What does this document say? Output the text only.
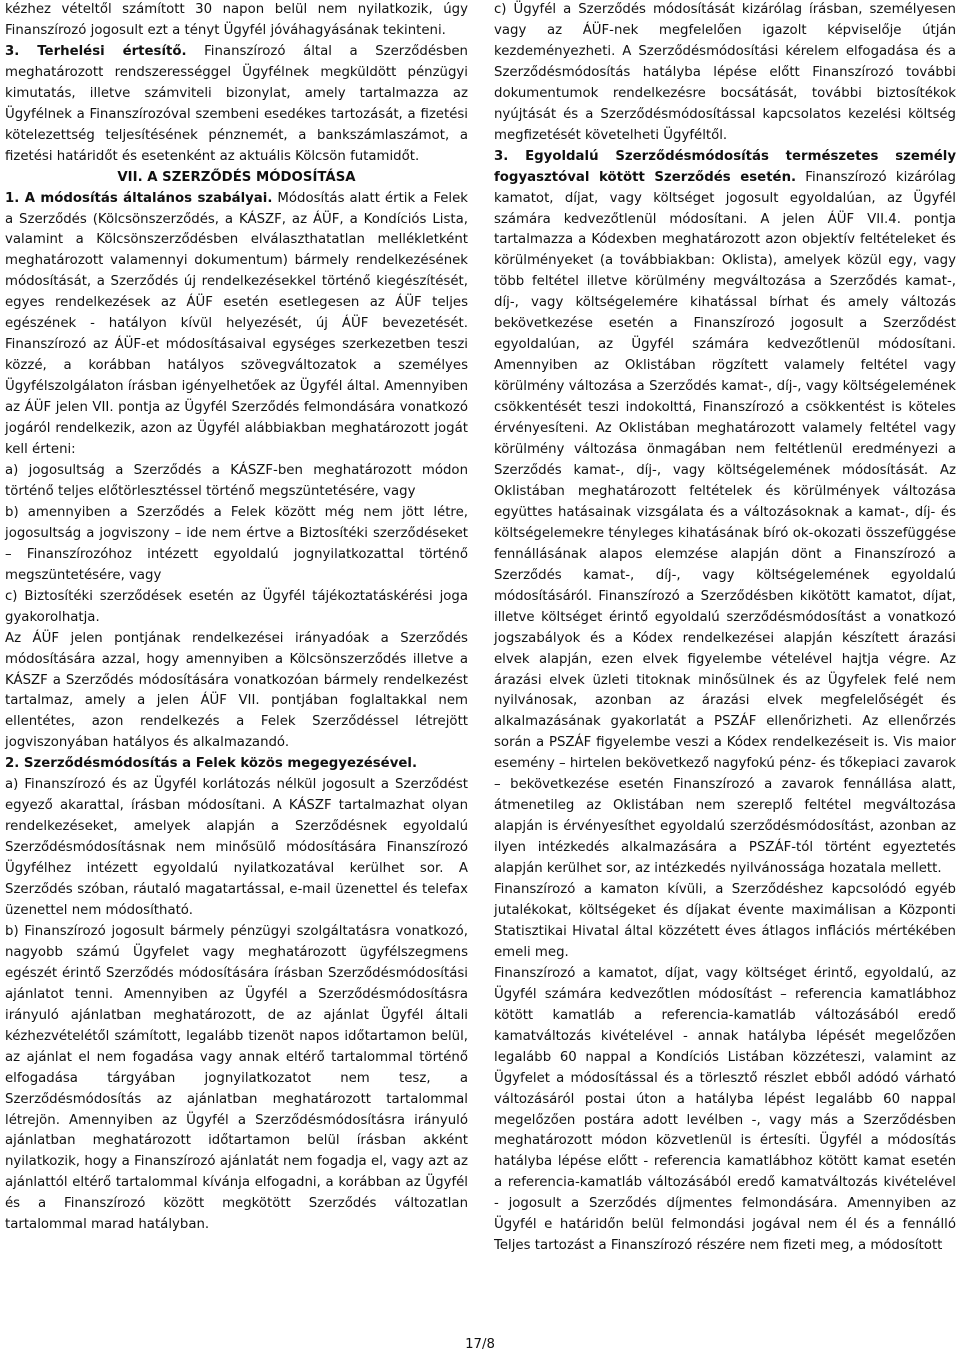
kézhez vételtől számított 30 napon belül nem nyilatkozik, úgy Finanszírozó jogosult ezt a tényt Ügyfél jóváhagyásának tekinteni.

3. Terhelési értesítő. Finanszírozó által a Szerződésben meghatározott rendszerességgel Ügyfélnek megküldött pénzügyi kimutatás, illetve számviteli bizonylat, amely tartalmazza az Ügyfélnek a Finanszírozóval szembeni esedékes tartozását, a fizetési kötelezettség teljesítésének pénznemét, a bankszámlaszámot, a fizetési határidőt és esetenként az aktuális Kölcsön futamidőt.

VII. A SZERZŐDÉS MÓDOSÍTÁSA

1. A módosítás általános szabályai. Módosítás alatt értik a Felek a Szerződés (Kölcsönszerződés, a KÁSZF, az ÁÜF, a Kondíciós Lista, valamint a Kölcsönszerződésben elválaszthatatlan mellékletként meghatározott valamennyi dokumentum) bármely rendelkezésének módosítását, a Szerződés új rendelkezésekkel történő kiegészítését, egyes rendelkezések az ÁÜF esetén esetlegesen az ÁÜF teljes egészének - hatályon kívül helyezését, új ÁÜF bevezetését. Finanszírozó az ÁÜF-et módosításaival egységes szerkezetben teszi közzé, a korábban hatályos szövegváltozatok a személyes Ügyfélszolgálaton írásban igényelhetőek az Ügyfél által. Amennyiben az ÁÜF jelen VII. pontja az Ügyfél Szerződés felmondására vonatkozó jogáról rendelkezik, azon az Ügyfél alábbiakban meghatározott jogát kell érteni:

a) jogosultság a Szerződés a KÁSZF-ben meghatározott módon történő teljes előtörlesztéssel történő megszüntetésére, vagy

b) amennyiben a Szerződés a Felek között még nem jött létre, jogosultság a jogviszony – ide nem értve a Biztosítéki szerződéseket – Finanszírozóhoz intézett egyoldalú jognyilatkozattal történő megszüntetésére, vagy

c) Biztosítéki szerződések esetén az Ügyfél tájékoztatáskérési joga gyakorolhatja.

Az ÁÜF jelen pontjának rendelkezései irányadóak a Szerződés módosítására azzal, hogy amennyiben a Kölcsönszerződés illetve a KÁSZF a Szerződés módosítására vonatkozóan bármely rendelkezést tartalmaz, amely a jelen ÁÜF VII. pontjában foglaltakkal nem ellentétes, azon rendelkezés a Felek Szerződéssel létrejött jogviszonyában hatályos és alkalmazandó.

2. Szerződésmódosítás a Felek közös megegyezésével.

a) Finanszírozó és az Ügyfél korlátozás nélkül jogosult a Szerződést egyező akarattal, írásban módosítani. A KÁSZF tartalmazhat olyan rendelkezéseket, amelyek alapján a Szerződésnek egyoldalú Szerződésmódosításnak nem minősülő módosítására Finanszírozó Ügyfélhez intézett egyoldalú nyilatkozatával kerülhet sor. A Szerződés szóban, ráutaló magatartással, e-mail üzenettel és telefax üzenettel nem módosítható.

b) Finanszírozó jogosult bármely pénzügyi szolgáltatásra vonatkozó, nagyobb számú Ügyfelet vagy meghatározott ügyfélszegmens egészét érintő Szerződés módosítására írásban Szerződésmódosítási ajánlatot tenni. Amennyiben az Ügyfél a Szerződésmódosításra irányuló ajánlatban meghatározott, de az ajánlat Ügyfél általi kézhezvételétől számított, legalább tizenöt napos időtartamon belül, az ajánlat el nem fogadása vagy annak eltérő tartalommal történő elfogadása tárgyában jognyilatkozatot nem tesz, a Szerződésmódosítás az ajánlatban meghatározott tartalommal létrejön. Amennyiben az Ügyfél a Szerződésmódosításra irányuló ajánlatban meghatározott időtartamon belül írásban akként nyilatkozik, hogy a Finanszírozó ajánlatát nem fogadja el, vagy azt az ajánlattól eltérő tartalommal kívánja elfogadni, a korábban az Ügyfél és a Finanszírozó között megkötött Szerződés változatlan tartalommal marad hatályban.

c) Ügyfél a Szerződés módosítását kizárólag írásban, személyesen vagy az ÁÜF-nek megfelelően igazolt képviselője útján kezdeményezheti. A Szerződésmódosítási kérelem elfogadása és a Szerződésmódosítás hatályba lépése előtt Finanszírozó további dokumentumok rendelkezésre bocsátását, további biztosítékok nyújtását és a Szerződésmódosítással kapcsolatos kezelési költség megfizetését követelheti Ügyféltől.

3. Egyoldalú Szerződésmódosítás természetes személy fogyasztóval kötött Szerződés esetén. Finanszírozó kizárólag kamatot, díjat, vagy költséget jogosult egyoldalúan, az Ügyfél számára kedvezőtlenül módosítani. A jelen ÁÜF VII.4. pontja tartalmazza a Kódexben meghatározott azon objektív feltételeket és körülményeket (a továbbiakban: Oklista), amelyek közül egy, vagy több feltétel illetve körülmény megváltozása a Szerződés kamat-, díj-, vagy költségelemére kihatással bírhat és amely változás bekövetkezése esetén a Finanszírozó jogosult a Szerződést egyoldalúan, az Ügyfél számára kedvezőtlenül módosítani. Amennyiben az Oklistában rögzített valamely feltétel vagy körülmény változása a Szerződés kamat-, díj-, vagy költségelemének csökkentését teszi indokolttá, Finanszírozó a csökkentést is köteles érvényesíteni. Az Oklistában meghatározott valamely feltétel vagy körülmény változása önmagában nem feltétlenül eredményezi a Szerződés kamat-, díj-, vagy költségelemének módosítását. Az Oklistában meghatározott feltételek és körülmények változása együttes hatásainak vizsgálata és a változásoknak a kamat-, díj- és költségelemekre tényleges kihatásának bíró ok-okozati összefüggése fennállásának alapos elemzése alapján dönt a Finanszírozó a Szerződés kamat-, díj-, vagy költségelemének egyoldalú módosításáról. Finanszírozó a Szerződésben kikötött kamatot, díjat, illetve költséget érintő egyoldalú szerződésmódosítást a vonatkozó jogszabályok és a Kódex rendelkezései alapján készített árazási elvek alapján, ezen elvek figyelembe vételével hajtja végre. Az árazási elvek üzleti titoknak minősülnek és az Ügyfelek felé nem nyilvánosak, azonban az árazási elvek megfelelőségét és alkalmazásának gyakorlatát a PSZÁF ellenőrizheti. Az ellenőrzés során a PSZÁF figyelembe veszi a Kódex rendelkezéseit is. Vis maior esemény – hirtelen bekövetkező nagyfokú pénz- és tőkepiaci zavarok – bekövetkezése esetén Finanszírozó a zavarok fennállása alatt, átmenetileg az Oklistában nem szereplő feltétel megváltozása alapján is érvényesíthet egyoldalú szerződésmódosítást, azonban az ilyen intézkedés alkalmazására a PSZÁF-tól történt egyeztetés alapján kerülhet sor, az intézkedés nyilvánossága hozatala mellett.

Finanszírozó a kamaton kívüli, a Szerződéshez kapcsolódó egyéb jutalékokat, költségeket és díjakat évente maximálisan a Központi Statisztikai Hivatal által közzétett éves átlagos inflációs mértékében emeli meg.

Finanszírozó a kamatot, díjat, vagy költséget érintő, egyoldalú, az Ügyfél számára kedvezőtlen módosítást – referencia kamatlábhoz kötött kamatláb a referencia-kamatláb változásából eredő kamatváltozás kivételével - annak hatályba lépését megelőzően legalább 60 nappal a Kondíciós Listában közzéteszi, valamint az Ügyfelet a módosítással és a törlesztő részlet ebből adódó várható változásáról postai úton a hatályba lépést legalább 60 nappal megelőzően postára adott levélben -, vagy más a Szerződésben meghatározott módon közvetlenül is értesíti. Ügyfél a módosítás hatályba lépése előtt - referencia kamatlábhoz kötött kamat esetén a referencia-kamatláb változásából eredő kamatváltozás kivételével - jogosult a Szerződés díjmentes felmondására. Amennyiben az Ügyfél e határidőn belül felmondási jogával nem él és a fennálló Teljes tartozást a Finanszírozó részére nem fizeti meg, a módosított

17/8
